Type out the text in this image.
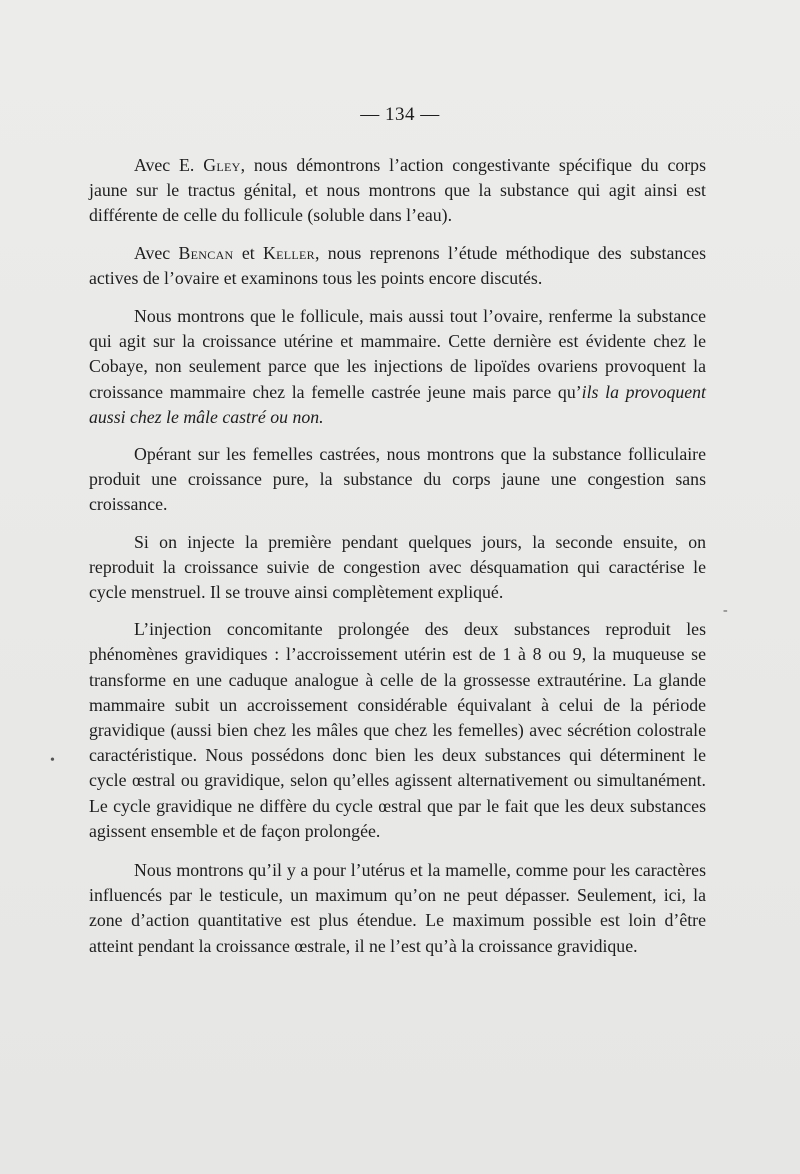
— 134 —

Avec E. Gley, nous démontrons l’action congestivante spécifique du corps jaune sur le tractus génital, et nous montrons que la substance qui agit ainsi est différente de celle du follicule (soluble dans l’eau).

Avec Bencan et Keller, nous reprenons l’étude méthodique des substances actives de l’ovaire et examinons tous les points encore discutés.

Nous montrons que le follicule, mais aussi tout l’ovaire, renferme la substance qui agit sur la croissance utérine et mammaire. Cette dernière est évidente chez le Cobaye, non seulement parce que les injections de lipoïdes ovariens provoquent la croissance mammaire chez la femelle castrée jeune mais parce qu’ils la provoquent aussi chez le mâle castré ou non.

Opérant sur les femelles castrées, nous montrons que la substance folliculaire produit une croissance pure, la substance du corps jaune une congestion sans croissance.

Si on injecte la première pendant quelques jours, la seconde ensuite, on reproduit la croissance suivie de congestion avec désquamation qui caractérise le cycle menstruel. Il se trouve ainsi complètement expliqué.

L’injection concomitante prolongée des deux substances reproduit les phénomènes gravidiques : l’accroissement utérin est de 1 à 8 ou 9, la muqueuse se transforme en une caduque analogue à celle de la grossesse extrautérine. La glande mammaire subit un accroissement considérable équivalant à celui de la période gravidique (aussi bien chez les mâles que chez les femelles) avec sécrétion colostrale caractéristique. Nous possédons donc bien les deux substances qui déterminent le cycle œstral ou gravidique, selon qu’elles agissent alternativement ou simultanément. Le cycle gravidique ne diffère du cycle œstral que par le fait que les deux substances agissent ensemble et de façon prolongée.

Nous montrons qu’il y a pour l’utérus et la mamelle, comme pour les caractères influencés par le testicule, un maximum qu’on ne peut dépasser. Seulement, ici, la zone d’action quantitative est plus étendue. Le maximum possible est loin d’être atteint pendant la croissance œstrale, il ne l’est qu’à la croissance gravidique.

•
-
